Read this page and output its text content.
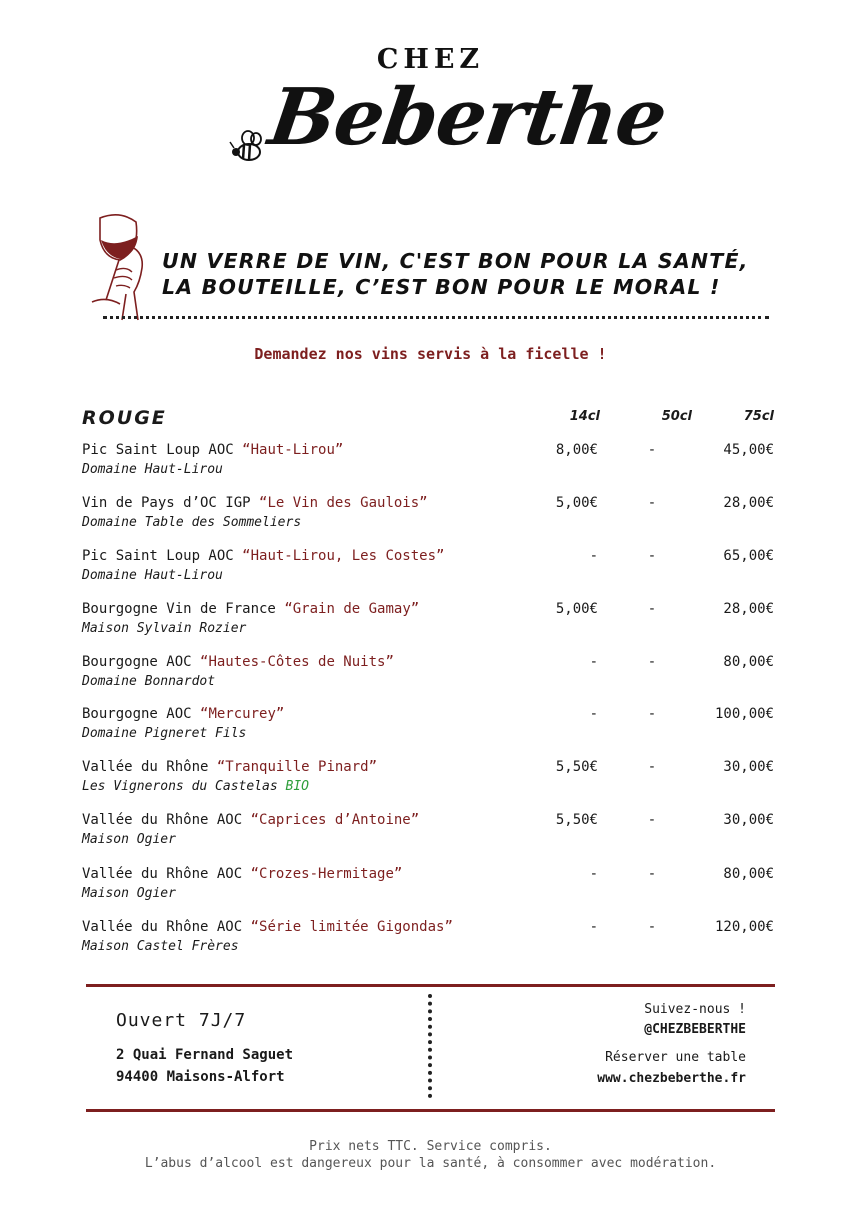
CHEZ
Beberthe
UN VERRE DE VIN, C'EST BON POUR LA SANTÉ,
LA BOUTEILLE, C’EST BON POUR LE MORAL !
Demandez nos vins servis à la ficelle !
ROUGE	14cl	50cl	75cl
Pic Saint Loup AOC “Haut-Lirou”
Domaine Haut-Lirou
8,00€	-	45,00€
Vin de Pays d’OC IGP “Le Vin des Gaulois”
Domaine Table des Sommeliers
5,00€	-	28,00€
Pic Saint Loup AOC “Haut-Lirou, Les Costes”
Domaine Haut-Lirou
-	-	65,00€
Bourgogne Vin de France “Grain de Gamay”
Maison Sylvain Rozier
5,00€	-	28,00€
Bourgogne AOC “Hautes-Côtes de Nuits”
Domaine Bonnardot
-	-	80,00€
Bourgogne AOC “Mercurey”
Domaine Pigneret Fils
-	-	100,00€
Vallée du Rhône “Tranquille Pinard”
Les Vignerons du Castelas BIO
5,50€	-	30,00€
Vallée du Rhône AOC “Caprices d’Antoine”
Maison Ogier
5,50€	-	30,00€
Vallée du Rhône AOC “Crozes-Hermitage”
Maison Ogier
-	-	80,00€
Vallée du Rhône AOC “Série limitée Gigondas”
Maison Castel Frères
-	-	120,00€
Ouvert 7J/7
2 Quai Fernand Saguet
94400 Maisons-Alfort
Suivez-nous !
@CHEZBEBERTHE
Réserver une table
www.chezbeberthe.fr
Prix nets TTC. Service compris.
L’abus d’alcool est dangereux pour la santé, à consommer avec modération.
